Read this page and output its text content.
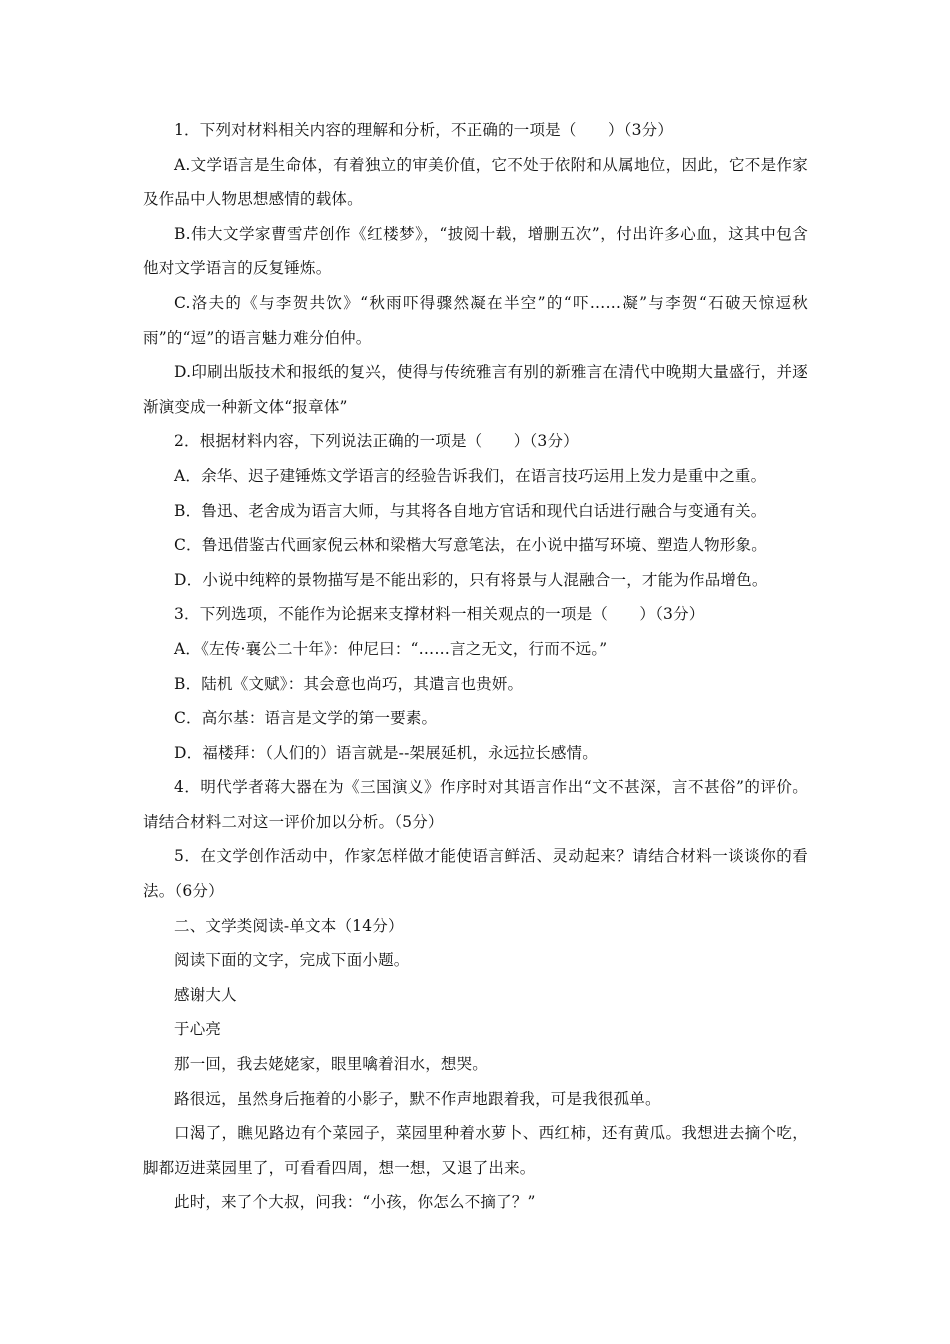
1．下列对材料相关内容的理解和分析，不正确的一项是（　　）（3分）

A.文学语言是生命体，有着独立的审美价值，它不处于依附和从属地位，因此，它不是作家及作品中人物思想感情的载体。

B.伟大文学家曹雪芹创作《红楼梦》，“披阅十载，增删五次”，付出许多心血，这其中包含他对文学语言的反复锤炼。

C.洛夫的《与李贺共饮》“秋雨吓得骤然凝在半空”的“吓……凝”与李贺“石破天惊逗秋雨”的“逗”的语言魅力难分伯仲。

D.印刷出版技术和报纸的复兴，使得与传统雅言有别的新雅言在清代中晚期大量盛行，并逐渐演变成一种新文体“报章体”

2．根据材料内容，下列说法正确的一项是（　　）（3分）

A．余华、迟子建锤炼文学语言的经验告诉我们，在语言技巧运用上发力是重中之重。

B．鲁迅、老舍成为语言大师，与其将各自地方官话和现代白话进行融合与变通有关。

C．鲁迅借鉴古代画家倪云林和梁楷大写意笔法，在小说中描写环境、塑造人物形象。

D．小说中纯粹的景物描写是不能出彩的，只有将景与人混融合一，才能为作品增色。

3．下列选项，不能作为论据来支撑材料一相关观点的一项是（　　）（3分）

A．《左传·襄公二十年》：仲尼曰：“……言之无文，行而不远。”

B．陆机《文赋》：其会意也尚巧，其遣言也贵妍。

C．高尔基：语言是文学的第一要素。

D．福楼拜：（人们的）语言就是--架展延机，永远拉长感情。

4．明代学者蒋大器在为《三国演义》作序时对其语言作出“文不甚深，言不甚俗”的评价。请结合材料二对这一评价加以分析。（5分）

5．在文学创作活动中，作家怎样做才能使语言鲜活、灵动起来？请结合材料一谈谈你的看法。（6分）

二、文学类阅读-单文本（14分）

阅读下面的文字，完成下面小题。

感谢大人

于心亮

那一回，我去姥姥家，眼里噙着泪水，想哭。

路很远，虽然身后拖着的小影子，默不作声地跟着我，可是我很孤单。

口渴了，瞧见路边有个菜园子，菜园里种着水萝卜、西红柿，还有黄瓜。我想进去摘个吃，脚都迈进菜园里了，可看看四周，想一想，又退了出来。

此时，来了个大叔，问我：“小孩，你怎么不摘了？”
